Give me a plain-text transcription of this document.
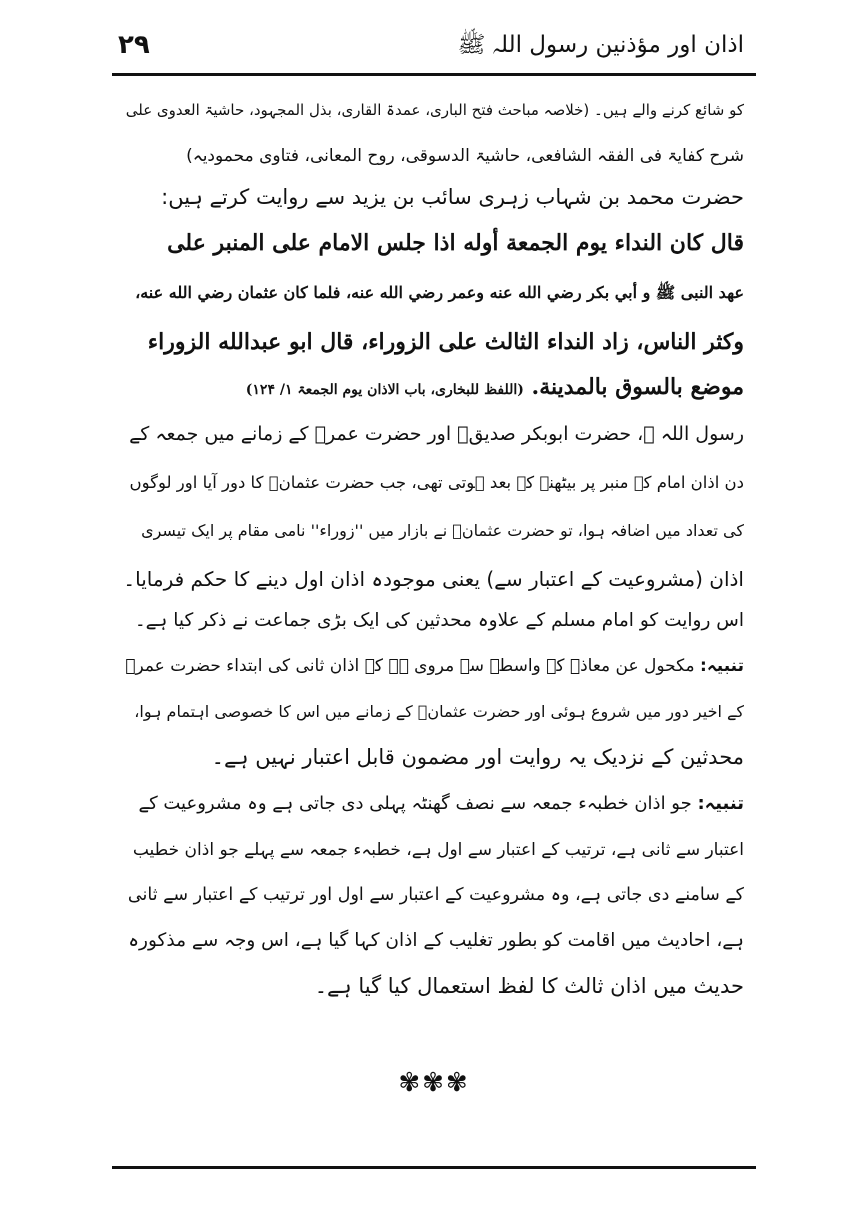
۲۹	اذان اور مؤذنین رسول اللہ ﷺ
کو شائع کرنے والے ہیں۔ (خلاصہ مباحث فتح الباری، عمدۃ القاری، بذل المجہود، حاشیۃ العدوی علی
شرح کفایۃ فی الفقہ الشافعی، حاشیۃ الدسوقی، روح المعانی، فتاوی محمودیہ)
حضرت محمد بن شہاب زہری سائب بن یزید سے روایت کرتے ہیں:
قال كان النداء يوم الجمعة أوله اذا جلس الامام على المنبر على
عهد النبی ﷺ و أبي بكر رضي الله عنه وعمر رضي الله عنه، فلما كان عثمان رضي الله عنه،
وكثر الناس، زاد النداء الثالث على الزوراء، قال ابو عبدالله الزوراء
موضع بالسوق بالمدينة. (اللفظ للبخاری، باب الاذان یوم الجمعۃ ۱/ ۱۲۴)
رسول اللہ ﷺ، حضرت ابوبکر صدیقؓ اور حضرت عمرؓ کے زمانے میں جمعہ کے
دن اذان امام کے منبر پر بیٹھنے کے بعد ہوتی تھی، جب حضرت عثمانؓ کا دور آیا اور لوگوں
کی تعداد میں اضافہ ہوا، تو حضرت عثمانؓ نے بازار میں ''زوراء'' نامی مقام پر ایک تیسری
اذان (مشروعیت کے اعتبار سے) یعنی موجودہ اذان اول دینے کا حکم فرمایا۔
اس روایت کو امام مسلم کے علاوہ محدثین کی ایک بڑی جماعت نے ذکر کیا ہے۔
تنبیہ: مکحول عن معاذؓ کے واسطہ سے مروی ہے کہ اذان ثانی کی ابتداء حضرت عمرؓ
کے اخیر دور میں شروع ہوئی اور حضرت عثمانؓ کے زمانے میں اس کا خصوصی اہتمام ہوا،
محدثین کے نزدیک یہ روایت اور مضمون قابل اعتبار نہیں ہے۔
تنبیہ: جو اذان خطبہء جمعہ سے نصف گھنٹہ پہلی دی جاتی ہے وہ مشروعیت کے
اعتبار سے ثانی ہے، ترتیب کے اعتبار سے اول ہے، خطبہء جمعہ سے پہلے جو اذان خطیب
کے سامنے دی جاتی ہے، وہ مشروعیت کے اعتبار سے اول اور ترتیب کے اعتبار سے ثانی
ہے، احادیث میں اقامت کو بطور تغلیب کے اذان کہا گیا ہے، اس وجہ سے مذکورہ
حدیث میں اذان ثالث کا لفظ استعمال کیا گیا ہے۔
✾✾✾
